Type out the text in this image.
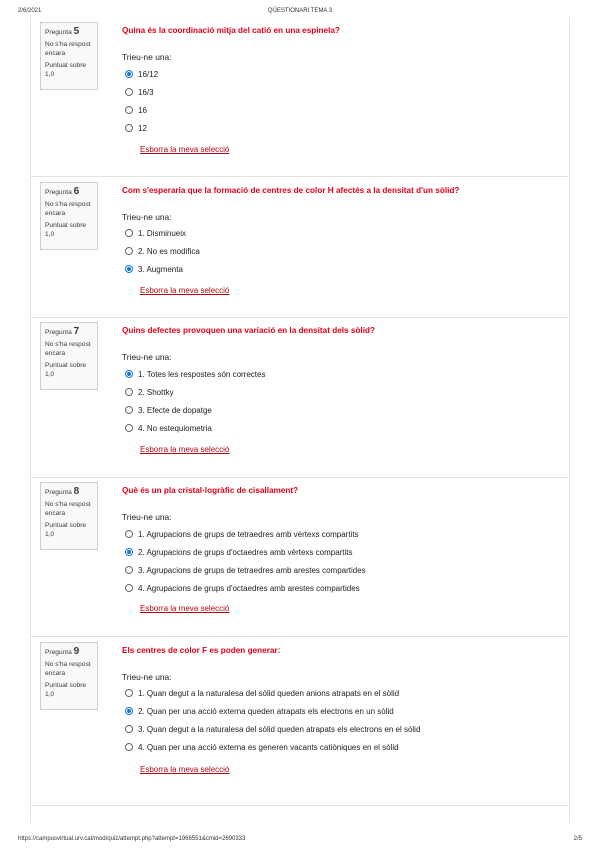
2/6/2021	QÜESTIONARI TEMA 3
Pregunta 5
No s'ha respost encara
Puntuat sobre 1,0
Quina és la coordinació mitja del catió en una espinela?
Trieu-ne una:
16/12
16/3
16
12
Esborra la meva selecció
Pregunta 6
No s'ha respost encara
Puntuat sobre 1,0
Com s'esperaria que la formació de centres de color H afectés a la densitat d'un sòlid?
Trieu-ne una:
1. Disminueix
2. No es modifica
3. Augmenta
Esborra la meva selecció
Pregunta 7
No s'ha respost encara
Puntuat sobre 1,0
Quins defectes provoquen una variació en la densitat dels sòlid?
Trieu-ne una:
1. Totes les respostes són correctes
2. Shottky
3. Efecte de dopatge
4. No estequiometria
Esborra la meva selecció
Pregunta 8
No s'ha respost encara
Puntuat sobre 1,0
Què és un pla cristal·logràfic de cisallament?
Trieu-ne una:
1. Agrupacions de grups de tetraedres amb vèrtexs compartits
2. Agrupacions de grups d'octaedres amb vèrtexs compartits
3. Agrupacions de grups de tetraedres amb arestes compartides
4. Agrupacions de grups d'octaedres amb arestes compartides
Esborra la meva selecció
Pregunta 9
No s'ha respost encara
Puntuat sobre 1,0
Els centres de color F es poden generar:
Trieu-ne una:
1. Quan degut a la naturalesa del sòlid queden anions atrapats en el sòlid
2. Quan per una acció externa queden atrapats els electrons en un sòlid
3. Quan degut a la naturalesa del sòlid queden atrapats els electrons en el sòlid
4. Quan per una acció externa es generen vacants catiòniques en el sòlid
Esborra la meva selecció
https://campusvirtual.urv.cat/mod/quiz/attempt.php?attempt=1966551&cmid=2690333	2/5
